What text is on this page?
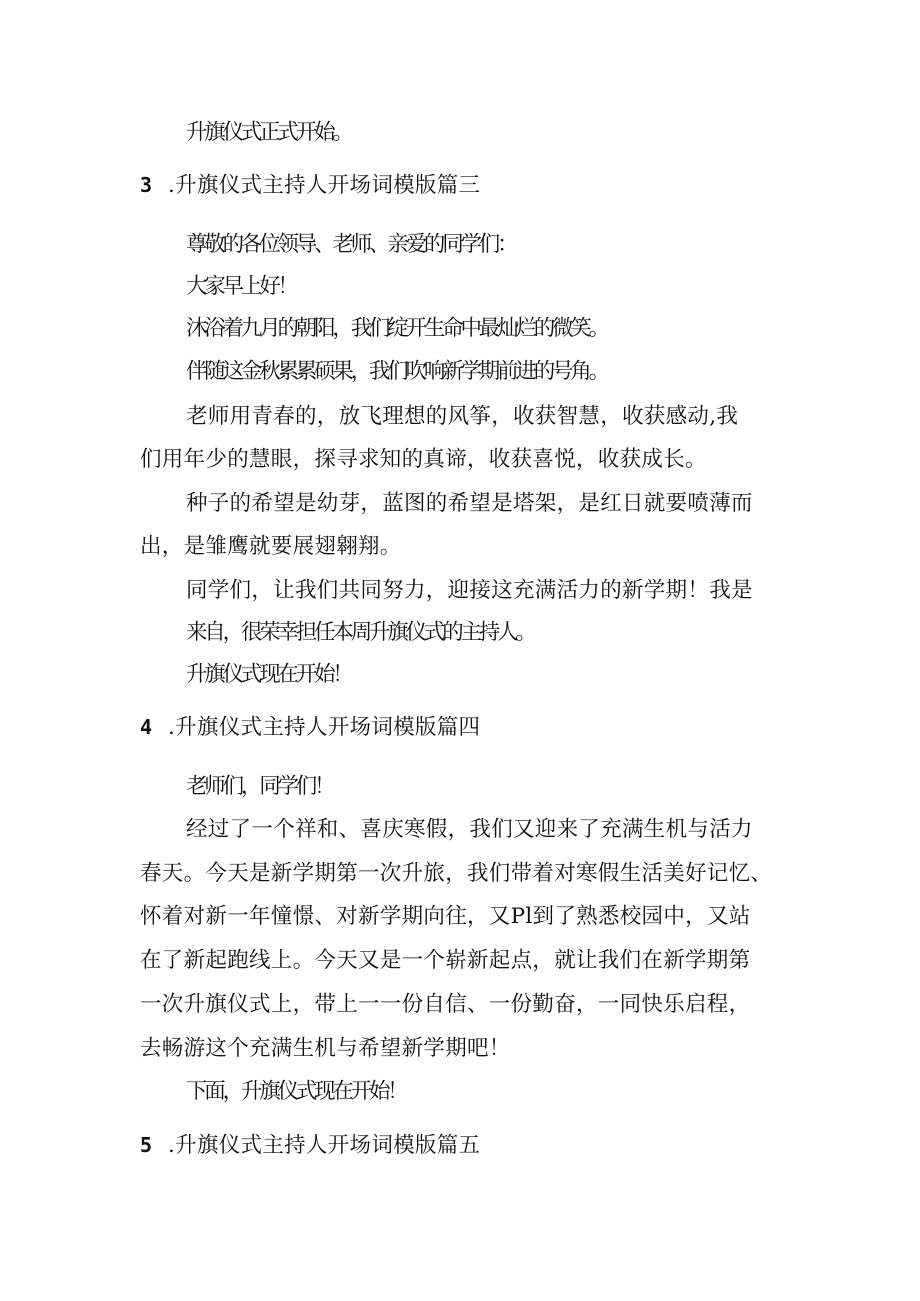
升旗仪式正式开始。
3 .升旗仪式主持人开场词模版篇三
尊敬的各位领导、老师、亲爱的同学们：
大家早上好！
沐浴着九月的朝阳，我们绽开生命中最灿烂的微笑。
伴随这金秋累累硕果，我们吹响新学期前进的号角。
老师用青春的，放飞理想的风筝，收获智慧，收获感动,我
们用年少的慧眼，探寻求知的真谛，收获喜悦，收获成长。
种子的希望是幼芽，蓝图的希望是塔架，是红日就要喷薄而
出，是雏鹰就要展翅翱翔。
同学们，让我们共同努力，迎接这充满活力的新学期！我是
来自，很荣幸担任本周升旗仪式的主持人。
升旗仪式现在开始！
4 .升旗仪式主持人开场词模版篇四
老师们，同学们！
经过了一个祥和、喜庆寒假，我们又迎来了充满生机与活力
春天。今天是新学期第一次升旅，我们带着对寒假生活美好记忆、
怀着对新一年憧憬、对新学期向往，又Pl到了熟悉校园中，又站
在了新起跑线上。今天又是一个崭新起点，就让我们在新学期第
一次升旗仪式上，带上一一份自信、一份勤奋，一同快乐启程，
去畅游这个充满生机与希望新学期吧！
下面，升旗仪式现在开始！
5 .升旗仪式主持人开场词模版篇五
